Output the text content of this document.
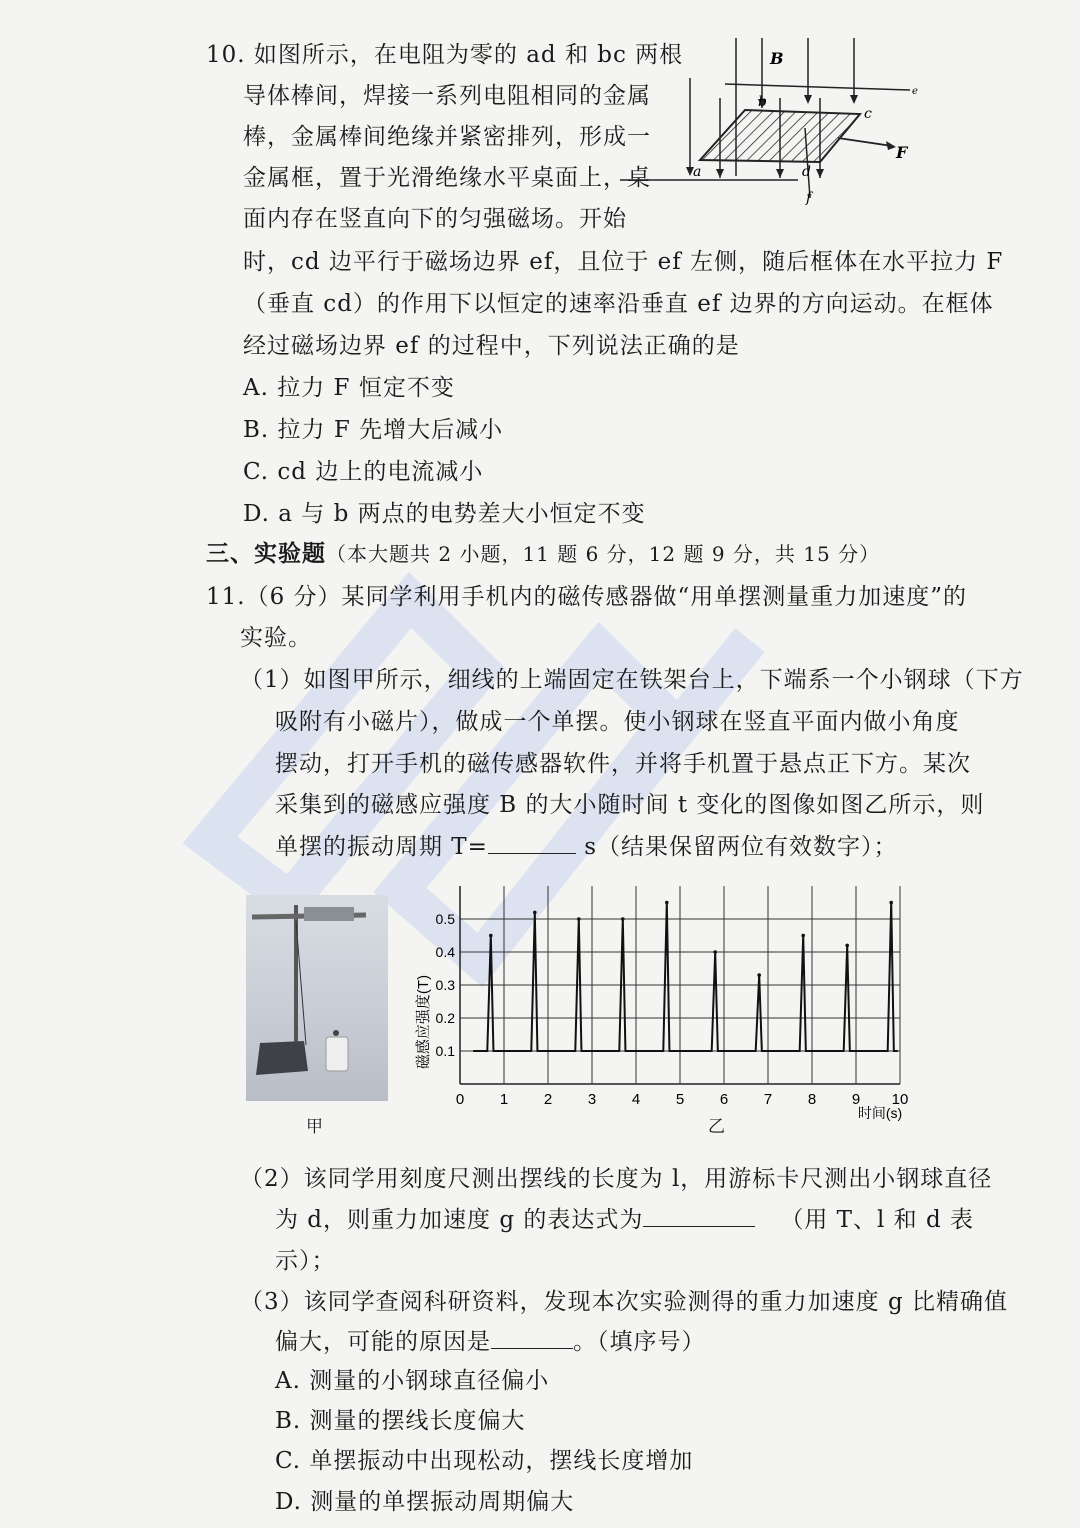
10. 如图所示，在电阻为零的 ad 和 bc 两根
导体棒间，焊接一系列电阻相同的金属
棒，金属棒间绝缘并紧密排列，形成一
金属框，置于光滑绝缘水平桌面上，桌
面内存在竖直向下的匀强磁场。开始
时，cd 边平行于磁场边界 ef，且位于 ef 左侧，随后框体在水平拉力 F
（垂直 cd）的作用下以恒定的速率沿垂直 ef 边界的方向运动。在框体
经过磁场边界 ef 的过程中，下列说法正确的是
B
a
b
c
d
e
f
F
A. 拉力 F 恒定不变
B. 拉力 F 先增大后减小
C. cd 边上的电流减小
D. a 与 b 两点的电势差大小恒定不变
三、实验题（本大题共 2 小题，11 题 6 分，12 题 9 分，共 15 分）
11.（6 分）某同学利用手机内的磁传感器做“用单摆测量重力加速度”的
实验。
（1）如图甲所示，细线的上端固定在铁架台上，下端系一个小钢球（下方
吸附有小磁片），做成一个单摆。使小钢球在竖直平面内做小角度
摆动，打开手机的磁传感器软件，并将手机置于悬点正下方。某次
采集到的磁感应强度 B 的大小随时间 t 变化的图像如图乙所示，则
单摆的振动周期 T=	s（结果保留两位有效数字）；
甲
0 1 2 3 4 5 6 7 8 9 10
0.1
0.2
0.3
0.4
0.5
磁感应强度(T)
时间(s)
乙
（2）该同学用刻度尺测出摆线的长度为 l，用游标卡尺测出小钢球直径
为 d，则重力加速度 g 的表达式为	（用 T、l 和 d 表
示）；
（3）该同学查阅科研资料，发现本次实验测得的重力加速度 g 比精确值
偏大，可能的原因是	。（填序号）
A. 测量的小钢球直径偏小
B. 测量的摆线长度偏大
C. 单摆振动中出现松动，摆线长度增加
D. 测量的单摆振动周期偏大
